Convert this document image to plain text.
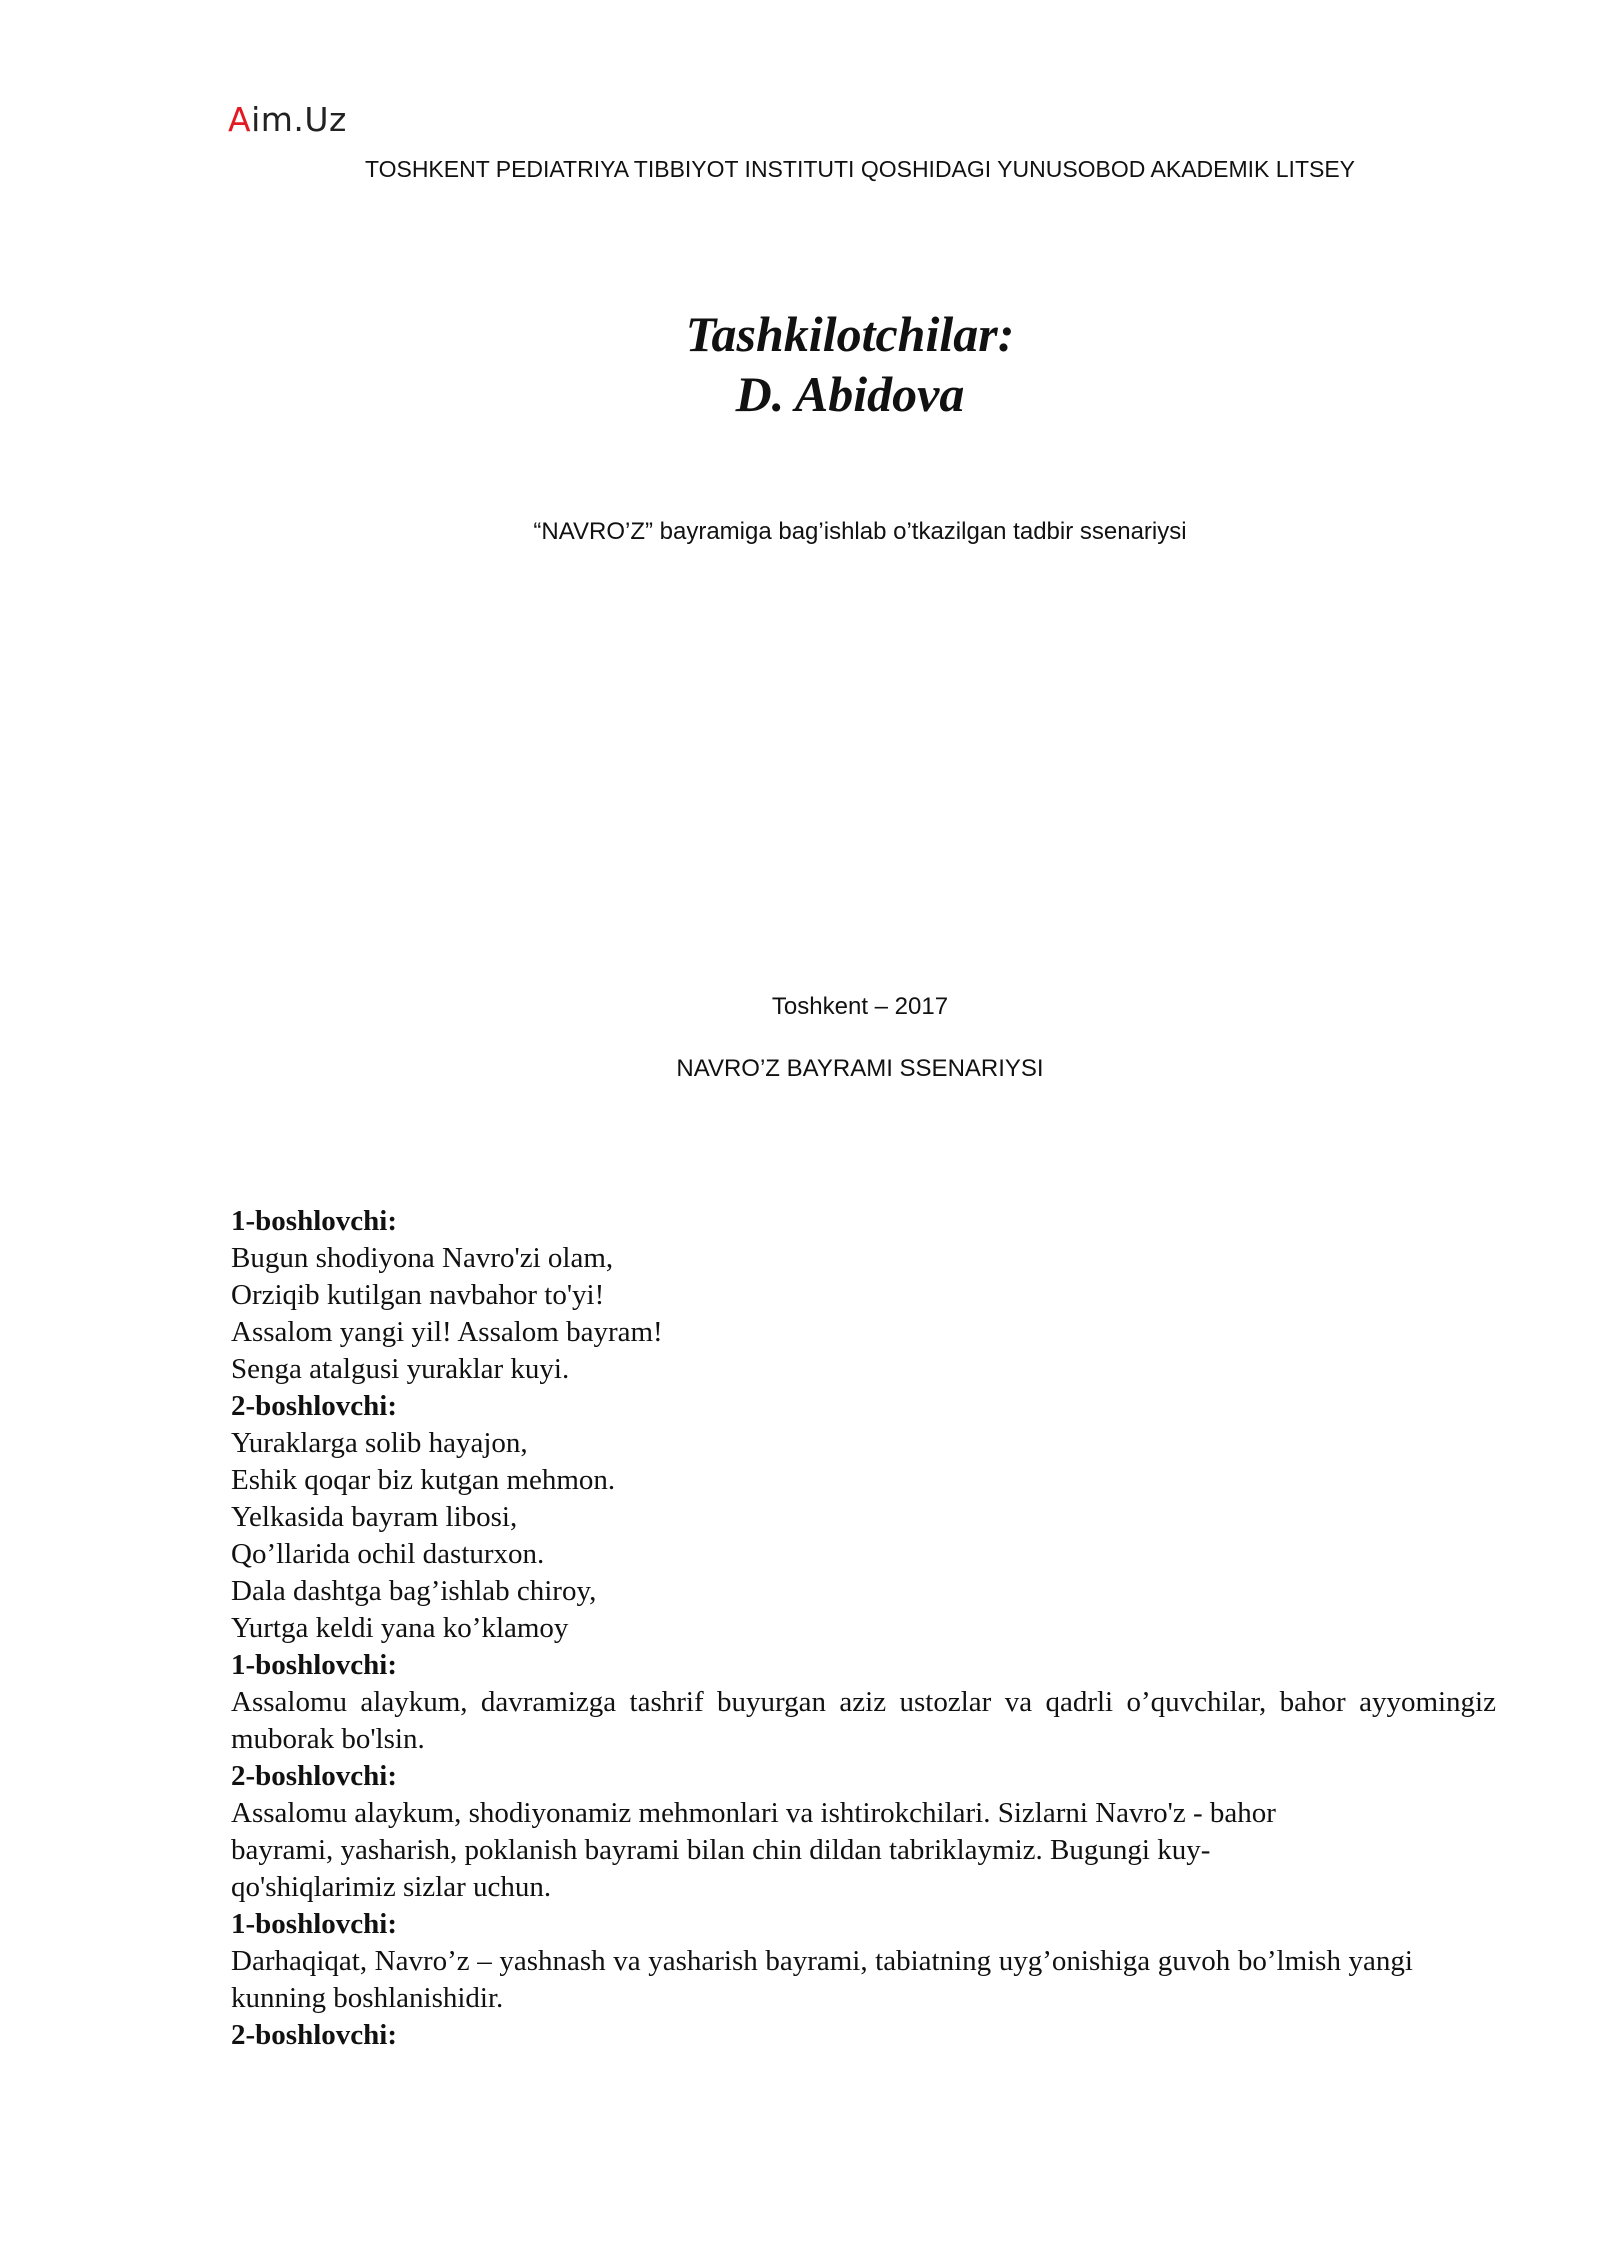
Aim.Uz
TOSHKENT PEDIATRIYA TIBBIYOT INSTITUTI QOSHIDAGI YUNUSOBOD AKADEMIK LITSEY
Tashkilotchilar:
D. Abidova
“NAVRO’Z” bayramiga bag’ishlab o’tkazilgan tadbir ssenariysi
Toshkent – 2017
NAVRO’Z BAYRAMI SSENARIYSI

1-boshlovchi:

Bugun shodiyona Navro'zi olam,

Orziqib kutilgan navbahor to'yi!

Assalom yangi yil! Assalom bayram!

Senga atalgusi yuraklar kuyi.

2-boshlovchi:

Yuraklarga solib hayajon,

Eshik qoqar biz kutgan mehmon.

Yelkasida bayram libosi,

Qo’llarida ochil dasturxon.

Dala dashtga bag’ishlab chiroy,

Yurtga keldi yana ko’klamoy

1-boshlovchi:

Assalomu alaykum, davramizga tashrif buyurgan aziz ustozlar va qadrli o’quvchilar, bahor ayyomingiz muborak bo'lsin.

2-boshlovchi:

Assalomu alaykum, shodiyonamiz mehmonlari va ishtirokchilari. Sizlarni Navro'z - bahor

bayrami, yasharish, poklanish bayrami bilan chin dildan tabriklaymiz. Bugungi kuy-

qo'shiqlarimiz sizlar uchun.

1-boshlovchi:

Darhaqiqat, Navro’z – yashnash va yasharish bayrami, tabiatning uyg’onishiga guvoh bo’lmish yangi kunning boshlanishidir.

2-boshlovchi:
